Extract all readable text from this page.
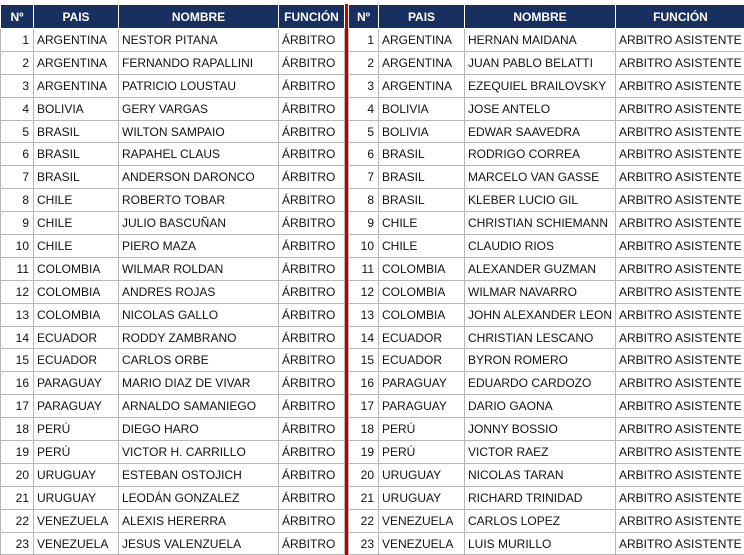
Nº	PAIS	NOMBRE	FUNCIÓN
1	ARGENTINA	NESTOR PITANA	ÁRBITRO
2	ARGENTINA	FERNANDO RAPALLINI	ÁRBITRO
3	ARGENTINA	PATRICIO LOUSTAU	ÁRBITRO
4	BOLIVIA	GERY VARGAS	ÁRBITRO
5	BRASIL	WILTON SAMPAIO	ÁRBITRO
6	BRASIL	RAPAHEL CLAUS	ÁRBITRO
7	BRASIL	ANDERSON DARONCO	ÁRBITRO
8	CHILE	ROBERTO TOBAR	ÁRBITRO
9	CHILE	JULIO BASCUÑAN	ÁRBITRO
10	CHILE	PIERO MAZA	ÁRBITRO
11	COLOMBIA	WILMAR ROLDAN	ÁRBITRO
12	COLOMBIA	ANDRES ROJAS	ÁRBITRO
13	COLOMBIA	NICOLAS GALLO	ÁRBITRO
14	ECUADOR	RODDY ZAMBRANO	ÁRBITRO
15	ECUADOR	CARLOS ORBE	ÁRBITRO
16	PARAGUAY	MARIO DIAZ DE VIVAR	ÁRBITRO
17	PARAGUAY	ARNALDO SAMANIEGO	ÁRBITRO
18	PERÚ	DIEGO HARO	ÁRBITRO
19	PERÚ	VICTOR H. CARRILLO	ÁRBITRO
20	URUGUAY	ESTEBAN OSTOJICH	ÁRBITRO
21	URUGUAY	LEODÁN GONZALEZ	ÁRBITRO
22	VENEZUELA	ALEXIS HERERRA	ÁRBITRO
23	VENEZUELA	JESUS VALENZUELA	ÁRBITRO
Nº	PAIS	NOMBRE	FUNCIÓN
1	ARGENTINA	HERNAN MAIDANA	ARBITRO ASISTENTE
2	ARGENTINA	JUAN PABLO BELATTI	ARBITRO ASISTENTE
3	ARGENTINA	EZEQUIEL BRAILOVSKY	ARBITRO ASISTENTE
4	BOLIVIA	JOSE ANTELO	ARBITRO ASISTENTE
5	BOLIVIA	EDWAR SAAVEDRA	ARBITRO ASISTENTE
6	BRASIL	RODRIGO CORREA	ARBITRO ASISTENTE
7	BRASIL	MARCELO VAN GASSE	ARBITRO ASISTENTE
8	BRASIL	KLEBER LUCIO GIL	ARBITRO ASISTENTE
9	CHILE	CHRISTIAN SCHIEMANN	ARBITRO ASISTENTE
10	CHILE	CLAUDIO RIOS	ARBITRO ASISTENTE
11	COLOMBIA	ALEXANDER GUZMAN	ARBITRO ASISTENTE
12	COLOMBIA	WILMAR NAVARRO	ARBITRO ASISTENTE
13	COLOMBIA	JOHN ALEXANDER LEON	ARBITRO ASISTENTE
14	ECUADOR	CHRISTIAN LESCANO	ARBITRO ASISTENTE
15	ECUADOR	BYRON ROMERO	ARBITRO ASISTENTE
16	PARAGUAY	EDUARDO CARDOZO	ARBITRO ASISTENTE
17	PARAGUAY	DARIO GAONA	ARBITRO ASISTENTE
18	PERÚ	JONNY BOSSIO	ARBITRO ASISTENTE
19	PERÚ	VICTOR RAEZ	ARBITRO ASISTENTE
20	URUGUAY	NICOLAS TARAN	ARBITRO ASISTENTE
21	URUGUAY	RICHARD TRINIDAD	ARBITRO ASISTENTE
22	VENEZUELA	CARLOS LOPEZ	ARBITRO ASISTENTE
23	VENEZUELA	LUIS MURILLO	ARBITRO ASISTENTE
